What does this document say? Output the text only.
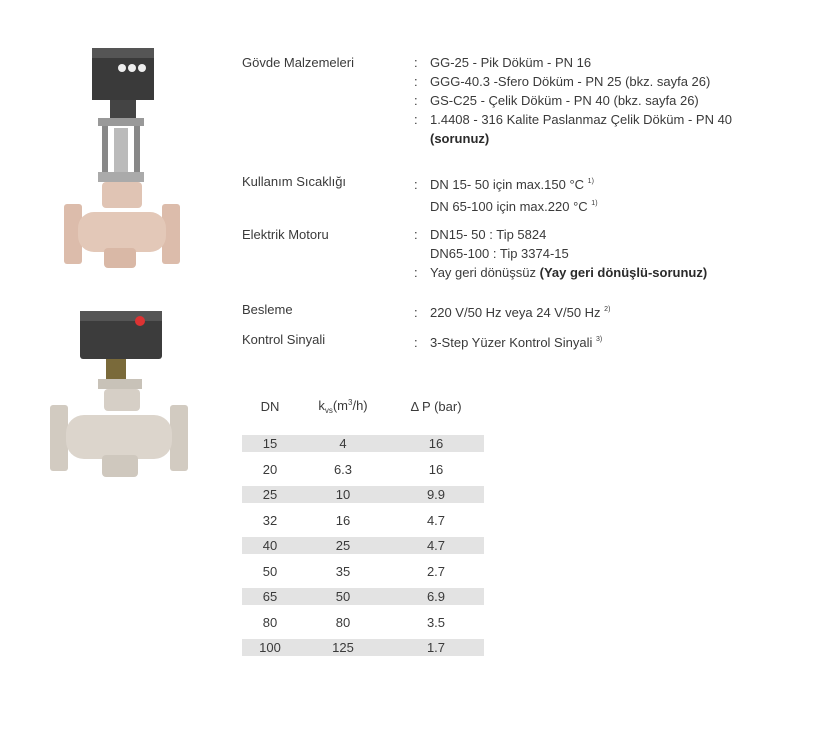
Gövde Malzemeleri	: GG-25 - Pik Döküm - PN 16
: GGG-40.3 -Sfero Döküm - PN 25 (bkz. sayfa 26)
: GS-C25 - Çelik Döküm - PN 40 (bkz. sayfa 26)
: 1.4408 - 316 Kalite Paslanmaz Çelik Döküm - PN 40
(sorunuz)
Kullanım Sıcaklığı	: DN 15- 50 için max.150 °C $^{1)}$
DN 65-100 için max.220 °C $^{1)}$
Elektrik Motoru	: DN15- 50 : Tip 5824
DN65-100 : Tip 3374-15
: Yay geri dönüşsüz (Yay geri dönüşlü-sorunuz)
Besleme	: 220 V/50 Hz veya 24 V/50 Hz $^{2)}$
Kontrol Sinyali	: 3-Step Yüzer Kontrol Sinyali $^{3)}$
DN	$k_{vs}(m^3/h)$	Δ P (bar)

15	4	16
20	6.3	16
25	10	9.9
32	16	4.7
40	25	4.7
50	35	2.7
65	50	6.9
80	80	3.5
100	125	1.7
